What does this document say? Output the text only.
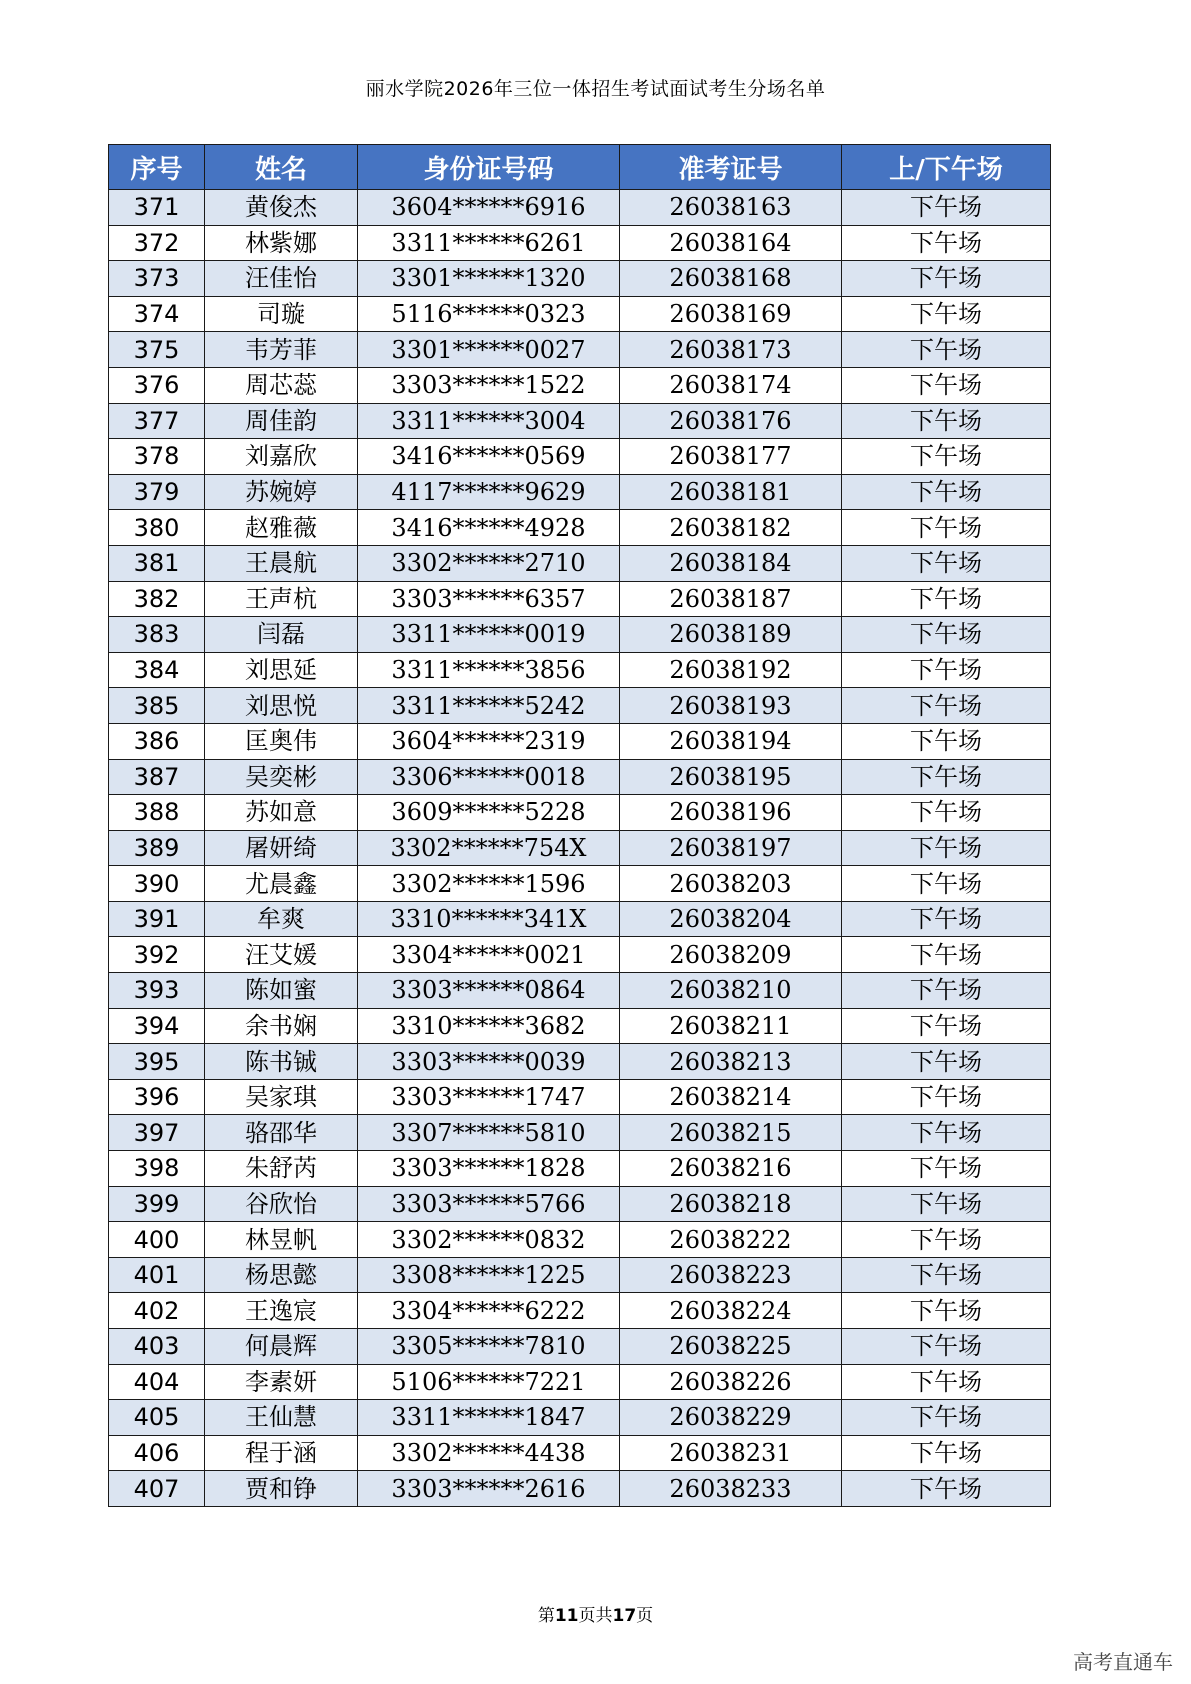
丽水学院2026年三位一体招生考试面试考生分场名单
序号	姓名	身份证号码	准考证号	上/下午场
371	黄俊杰	3604******6916	26038163	下午场
372	林紫娜	3311******6261	26038164	下午场
373	汪佳怡	3301******1320	26038168	下午场
374	司璇	5116******0323	26038169	下午场
375	韦芳菲	3301******0027	26038173	下午场
376	周芯蕊	3303******1522	26038174	下午场
377	周佳韵	3311******3004	26038176	下午场
378	刘嘉欣	3416******0569	26038177	下午场
379	苏婉婷	4117******9629	26038181	下午场
380	赵雅薇	3416******4928	26038182	下午场
381	王晨航	3302******2710	26038184	下午场
382	王声杭	3303******6357	26038187	下午场
383	闫磊	3311******0019	26038189	下午场
384	刘思延	3311******3856	26038192	下午场
385	刘思悦	3311******5242	26038193	下午场
386	匡奥伟	3604******2319	26038194	下午场
387	吴奕彬	3306******0018	26038195	下午场
388	苏如意	3609******5228	26038196	下午场
389	屠妍绮	3302******754X	26038197	下午场
390	尤晨鑫	3302******1596	26038203	下午场
391	牟爽	3310******341X	26038204	下午场
392	汪艾媛	3304******0021	26038209	下午场
393	陈如蜜	3303******0864	26038210	下午场
394	余书娴	3310******3682	26038211	下午场
395	陈书铖	3303******0039	26038213	下午场
396	吴家琪	3303******1747	26038214	下午场
397	骆邵华	3307******5810	26038215	下午场
398	朱舒芮	3303******1828	26038216	下午场
399	谷欣怡	3303******5766	26038218	下午场
400	林昱帆	3302******0832	26038222	下午场
401	杨思懿	3308******1225	26038223	下午场
402	王逸宸	3304******6222	26038224	下午场
403	何晨辉	3305******7810	26038225	下午场
404	李素妍	5106******7221	26038226	下午场
405	王仙慧	3311******1847	26038229	下午场
406	程于涵	3302******4438	26038231	下午场
407	贾和铮	3303******2616	26038233	下午场
第11页共17页
高考直通车
